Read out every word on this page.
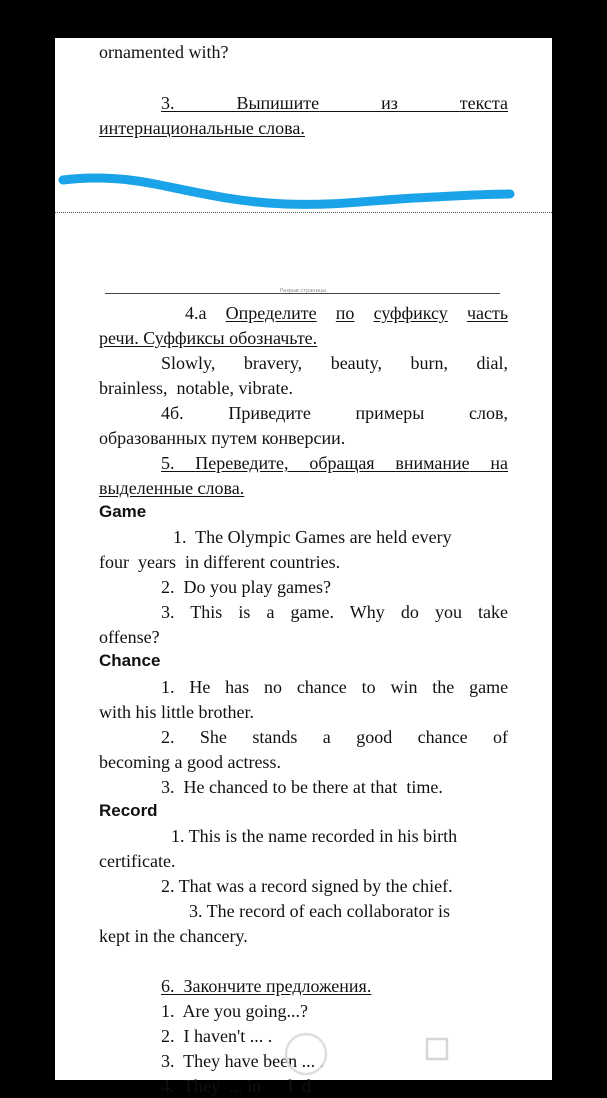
ornamented with?

3.	Выпишите	из	текста

интернациональные слова.

Разрыв страницы

4.а Определите по суффиксу часть

речи. Суффиксы обозначьте.

Slowly, bravery, beauty, burn, dial,

brainless,  notable, vibrate.

4б. Приведите примеры слов,

образованных путем конверсии.

5. Переведите, обращая внимание на

выделенные слова.

Game

1.  The Olympic Games are held every

four  years  in different countries.

2.  Do you play games?

3. This is a game. Why do you take

offense?

Chance

1. He has no chance to win the game

with his little brother.

2. She stands a good chance of

becoming a good actress.

3.  He chanced to be there at that  time.

Record

1. This is the name recorded in his birth

certificate.

2. That was a record signed by the chief.

3. The record of each collaborator is

kept in the chancery.

6.  Закончите предложения.

1.  Are you going...?

2.  I haven't ... .

3.  They have been ... .

4.  They  ... in      l  d
